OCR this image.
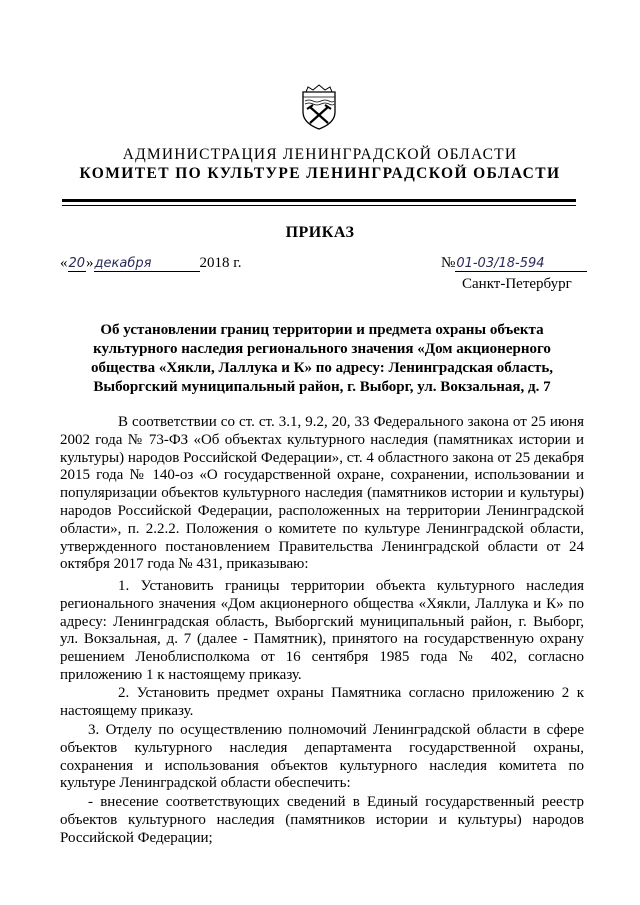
АДМИНИСТРАЦИЯ ЛЕНИНГРАДСКОЙ ОБЛАСТИ
КОМИТЕТ ПО КУЛЬТУРЕ ЛЕНИНГРАДСКОЙ ОБЛАСТИ
ПРИКАЗ
«20»декабря	2018 г.	№01-03/18-594
Санкт-Петербург
Об установлении границ территории и предмета охраны объекта культурного наследия регионального значения «Дом акционерного общества «Хякли, Лаллука и К» по адресу: Ленинградская область, Выборгский муниципальный район, г. Выборг, ул. Вокзальная, д. 7
В соответствии со ст. ст. 3.1, 9.2, 20, 33 Федерального закона от 25 июня 2002 года № 73-ФЗ «Об объектах культурного наследия (памятниках истории и культуры) народов Российской Федерации», ст. 4 областного закона от 25 декабря 2015 года № 140-оз «О государственной охране, сохранении, использовании и популяризации объектов культурного наследия (памятников истории и культуры) народов Российской Федерации, расположенных на территории Ленинградской области», п. 2.2.2. Положения о комитете по культуре Ленинградской области, утвержденного постановлением Правительства Ленинградской области от 24 октября 2017 года № 431, приказываю:
1. Установить границы территории объекта культурного наследия регионального значения «Дом акционерного общества «Хякли, Лаллука и К» по адресу: Ленинградская область, Выборгский муниципальный район, г. Выборг, ул. Вокзальная, д. 7 (далее - Памятник), принятого на государственную охрану решением Леноблисполкома от 16 сентября 1985 года № 402, согласно приложению 1 к настоящему приказу.
2. Установить предмет охраны Памятника согласно приложению 2 к настоящему приказу.
3. Отделу по осуществлению полномочий Ленинградской области в сфере объектов культурного наследия департамента государственной охраны, сохранения и использования объектов культурного наследия комитета по культуре Ленинградской области обеспечить:
- внесение соответствующих сведений в Единый государственный реестр объектов культурного наследия (памятников истории и культуры) народов Российской Федерации;
